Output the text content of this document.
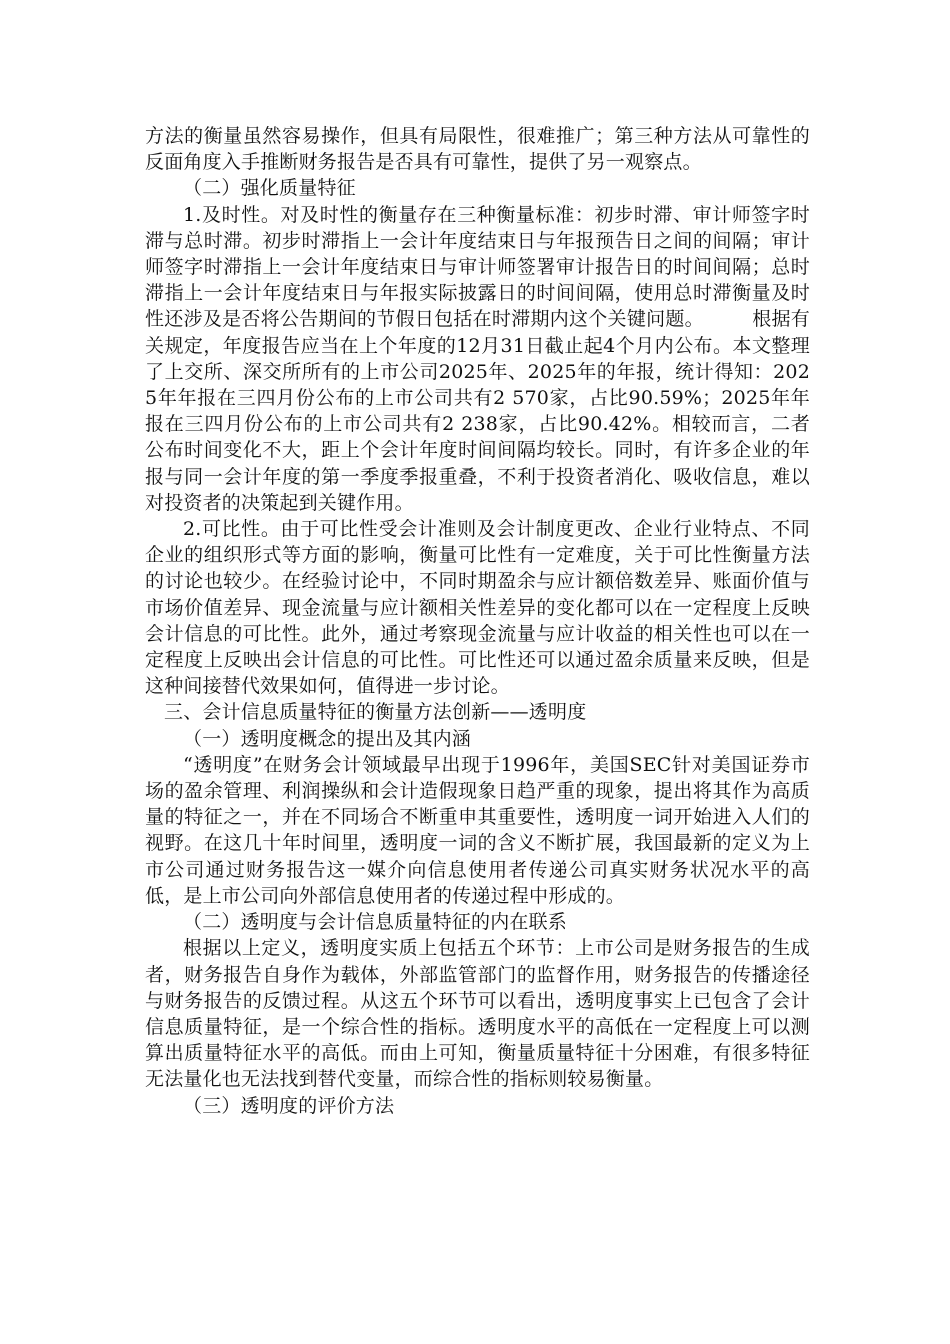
方法的衡量虽然容易操作，但具有局限性，很难推广；第三种方法从可靠性的反面角度入手推断财务报告是否具有可靠性，提供了另一观察点。

（二）强化质量特征

1.及时性。对及时性的衡量存在三种衡量标准：初步时滞、审计师签字时滞与总时滞。初步时滞指上一会计年度结束日与年报预告日之间的间隔；审计师签字时滞指上一会计年度结束日与审计师签署审计报告日的时间间隔；总时滞指上一会计年度结束日与年报实际披露日的时间间隔，使用总时滞衡量及时性还涉及是否将公告期间的节假日包括在时滞期内这个关键问题。　　　根据有关规定，年度报告应当在上个年度的12月31日截止起4个月内公布。本文整理了上交所、深交所所有的上市公司2025年、2025年的年报，统计得知：2025年年报在三四月份公布的上市公司共有2 570家，占比90.59%；2025年年报在三四月份公布的上市公司共有2 238家，占比90.42%。相较而言，二者公布时间变化不大，距上个会计年度时间间隔均较长。同时，有许多企业的年报与同一会计年度的第一季度季报重叠，不利于投资者消化、吸收信息，难以对投资者的决策起到关键作用。

2.可比性。由于可比性受会计准则及会计制度更改、企业行业特点、不同企业的组织形式等方面的影响，衡量可比性有一定难度，关于可比性衡量方法的讨论也较少。在经验讨论中，不同时期盈余与应计额倍数差异、账面价值与市场价值差异、现金流量与应计额相关性差异的变化都可以在一定程度上反映会计信息的可比性。此外，通过考察现金流量与应计收益的相关性也可以在一定程度上反映出会计信息的可比性。可比性还可以通过盈余质量来反映，但是这种间接替代效果如何，值得进一步讨论。

三、会计信息质量特征的衡量方法创新——透明度

（一）透明度概念的提出及其内涵

“透明度”在财务会计领域最早出现于1996年，美国SEC针对美国证券市场的盈余管理、利润操纵和会计造假现象日趋严重的现象，提出将其作为高质量的特征之一，并在不同场合不断重申其重要性，透明度一词开始进入人们的视野。在这几十年时间里，透明度一词的含义不断扩展，我国最新的定义为上市公司通过财务报告这一媒介向信息使用者传递公司真实财务状况水平的高低，是上市公司向外部信息使用者的传递过程中形成的。

（二）透明度与会计信息质量特征的内在联系

根据以上定义，透明度实质上包括五个环节：上市公司是财务报告的生成者，财务报告自身作为载体，外部监管部门的监督作用，财务报告的传播途径与财务报告的反馈过程。从这五个环节可以看出，透明度事实上已包含了会计信息质量特征，是一个综合性的指标。透明度水平的高低在一定程度上可以测算出质量特征水平的高低。而由上可知，衡量质量特征十分困难，有很多特征无法量化也无法找到替代变量，而综合性的指标则较易衡量。

（三）透明度的评价方法
